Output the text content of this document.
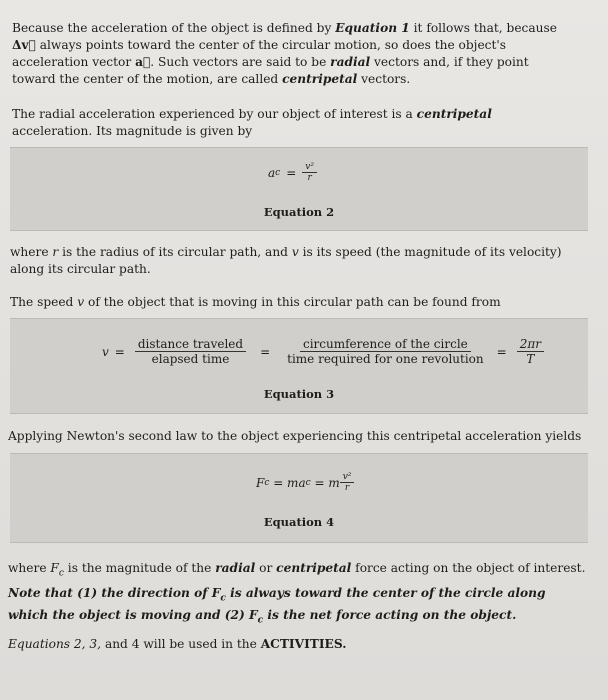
Because the acceleration of the object is defined by Equation 1 it follows that, because Δv⃗ always points toward the center of the circular motion, so does the object's acceleration vector a⃗. Such vectors are said to be radial vectors and, if they point toward the center of the motion, are called centripetal vectors.

The radial acceleration experienced by our object of interest is a centripetal acceleration. Its magnitude is given by

a $c = \frac{\text{v²}}{r}$
Equation 2

where r is the radius of its circular path, and v is its speed (the magnitude of its velocity) along its circular path.

The speed v of the object that is moving in this circular path can be found from

$v = \frac{\text{distance traveled}}{\text{elapsed time}} = \frac{\text{circumference of the circle}}{\text{time required for one revolution}} = \frac{2\pi r}{T}$
Equation 3

Applying Newton's second law to the object experiencing this centripetal acceleration yields

F c = ma c = m $\frac{\text{v²}}{r}$
Equation 4

where $F_c$ is the magnitude of the radial or centripetal force acting on the object of interest.

Note that (1) the direction of $F_c$ is always toward the center of the circle along which the object is moving and (2) $F_c$ is the net force acting on the object.

Equations 2, 3, and 4 will be used in the ACTIVITIES.
